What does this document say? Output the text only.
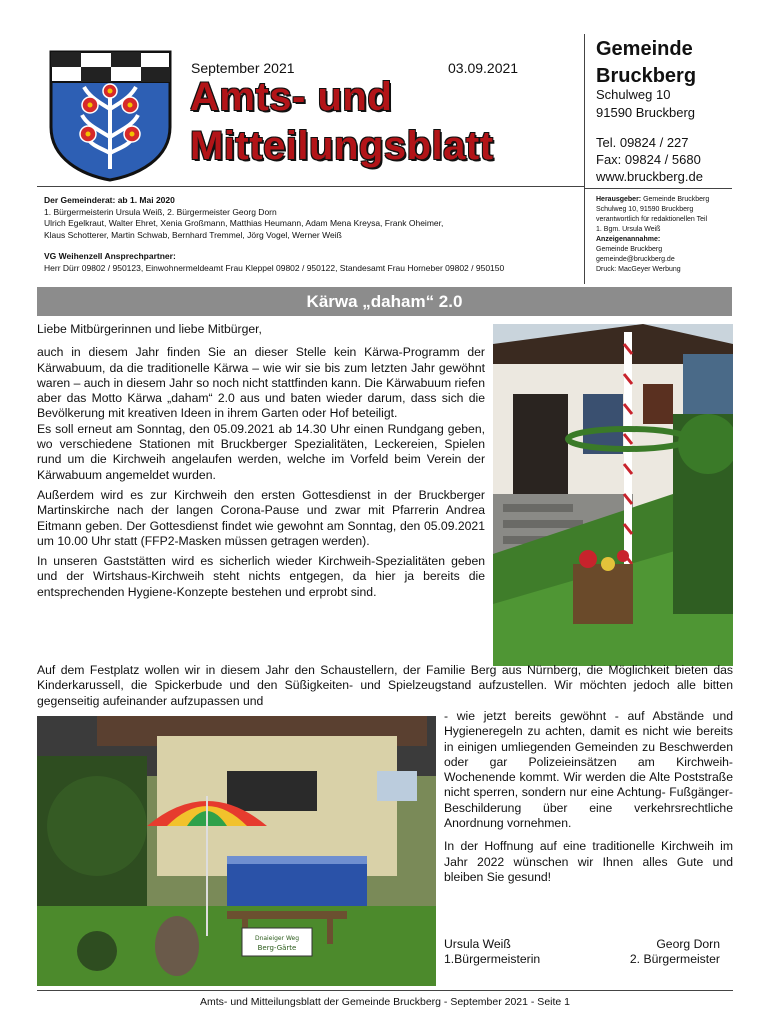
September 2021	03.09.2021
Amts- und
Mitteilungsblatt
Gemeinde
Bruckberg
Schulweg 10
91590 Bruckberg
Tel. 09824 / 227
Fax: 09824 / 5680
www.bruckberg.de
Der Gemeinderat: ab 1. Mai 2020
1. Bürgermeisterin Ursula Weiß, 2. Bürgermeister Georg Dorn
Ulrich Egelkraut, Walter Ehret, Xenia Großmann, Matthias Heumann, Adam Mena Kreysa, Frank Oheimer,
Klaus Schotterer, Martin Schwab, Bernhard Tremmel, Jörg Vogel, Werner Weiß
VG Weihenzell Ansprechpartner:
Herr Dürr 09802 / 950123, Einwohnermeldeamt Frau Kleppel 09802 / 950122, Standesamt Frau Horneber 09802 / 950150
Herausgeber: Gemeinde Bruckberg
Schulweg 10, 91590 Bruckberg
verantwortlich für redaktionellen Teil
1. Bgm. Ursula Weiß
Anzeigenannahme:
Gemeinde Bruckberg
gemeinde@bruckberg.de
Druck: MacGeyer Werbung
Kärwa „daham“ 2.0

Liebe Mitbürgerinnen und liebe Mitbürger,

auch in diesem Jahr finden Sie an dieser Stelle kein Kärwa-Programm der Kärwabuum, da die traditionelle Kärwa – wie wir sie bis zum letzten Jahr gewöhnt waren – auch in diesem Jahr so noch nicht stattfinden kann. Die Kärwabuum riefen aber das Motto Kärwa „daham“ 2.0 aus und baten wieder darum, dass sich die Bevölkerung mit kreativen Ideen in ihrem Garten oder Hof beteiligt.

Es soll erneut am Sonntag, den 05.09.2021 ab 14.30 Uhr einen Rundgang geben, wo verschiedene Stationen mit Bruckberger Spezialitäten, Leckereien, Spielen rund um die Kirchweih angelaufen werden, welche im Vorfeld beim Verein der Kärwabuum angemeldet wurden.

Außerdem wird es zur Kirchweih den ersten Gottesdienst in der Bruckberger Martinskirche nach der langen Corona-Pause und zwar mit Pfarrerin Andrea Eitmann geben. Der Gottesdienst findet wie gewohnt am Sonntag, den 05.09.2021 um 10.00 Uhr statt (FFP2-Masken müssen getragen werden).

In unseren Gaststätten wird es sicherlich wieder Kirchweih-Spezialitäten geben und der Wirtshaus-Kirchweih steht nichts entgegen, da hier ja bereits die entsprechenden Hygiene-Konzepte bestehen und erprobt sind.

Auf dem Festplatz wollen wir in diesem Jahr den Schaustellern, der Familie Berg aus Nürnberg, die Möglichkeit bieten das Kinderkarussell, die Spickerbude und den Süßigkeiten- und Spielzeugstand aufzustellen. Wir möchten jedoch alle bitten gegenseitig aufeinander aufzupassen und

Dnaieiger Weg
Berg-Gärte

- wie jetzt bereits gewöhnt - auf Abstände und Hygieneregeln zu achten, damit es nicht wie bereits in einigen umliegenden Gemeinden zu Beschwerden oder gar Polizeieinsätzen am Kirchweih-Wochenende kommt. Wir werden die Alte Poststraße nicht sperren, sondern nur eine Achtung- Fußgänger-Beschilderung über eine verkehrsrechtliche Anordnung vornehmen.

In der Hoffnung auf eine traditionelle Kirchweih im Jahr 2022 wünschen wir Ihnen alles Gute und bleiben Sie gesund!

Ursula Weiß
1.Bürgermeisterin
Georg Dorn
2. Bürgermeister
Amts- und Mitteilungsblatt der Gemeinde Bruckberg - September 2021 - Seite 1
